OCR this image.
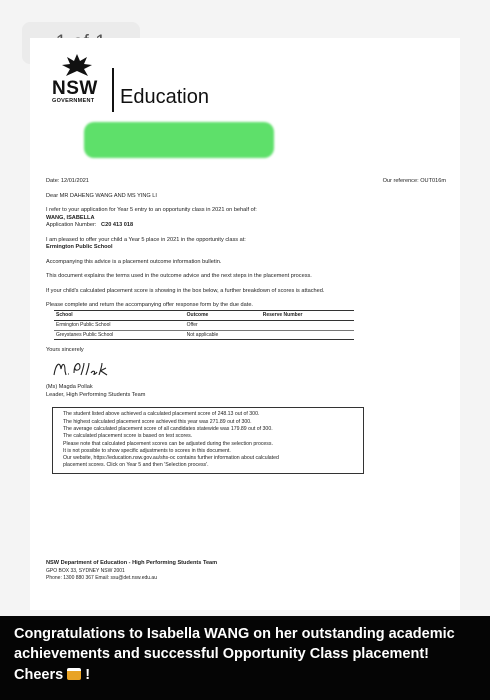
NSW
GOVERNMENT Education
Date: 12/01/2021	Our reference: OUT016m
Dear MR DAHENG WANG AND MS YING LI
I refer to your application for Year 5 entry to an opportunity class in 2021 on behalf of:
WANG, ISABELLA
Application Number: C20 413 018
I am pleased to offer your child a Year 5 place in 2021 in the opportunity class at:
Ermington Public School
Accompanying this advice is a placement outcome information bulletin.
This document explains the terms used in the outcome advice and the next steps in the placement process.
If your child's calculated placement score is showing in the box below, a further breakdown of scores is attached.
Please complete and return the accompanying offer response form by the due date.
School	Outcome	Reserve Number
Ermington Public School	Offer	
Greystanes Public School	Not applicable	
Yours sincerely
(Ms) Magda Pollak
Leader, High Performing Students Team
The student listed above achieved a calculated placement score of 248.13 out of 300.
The highest calculated placement score achieved this year was 271.89 out of 300.
The average calculated placement score of all candidates statewide was 179.89 out of 300.
The calculated placement score is based on test scores.
Please note that calculated placement scores can be adjusted during the selection process.
It is not possible to show specific adjustments to scores in this document.
Our website, https://education.nsw.gov.au/shs-oc contains further information about calculated
placement scores. Click on Year 5 and then 'Selection process'.
NSW Department of Education - High Performing Students Team
GPO BOX 33, SYDNEY NSW 2001
Phone: 1300 880 367 Email: ssu@det.nsw.edu.au
Congratulations to Isabella WANG on her outstanding academic achievements and successful Opportunity Class placement! Cheers !
